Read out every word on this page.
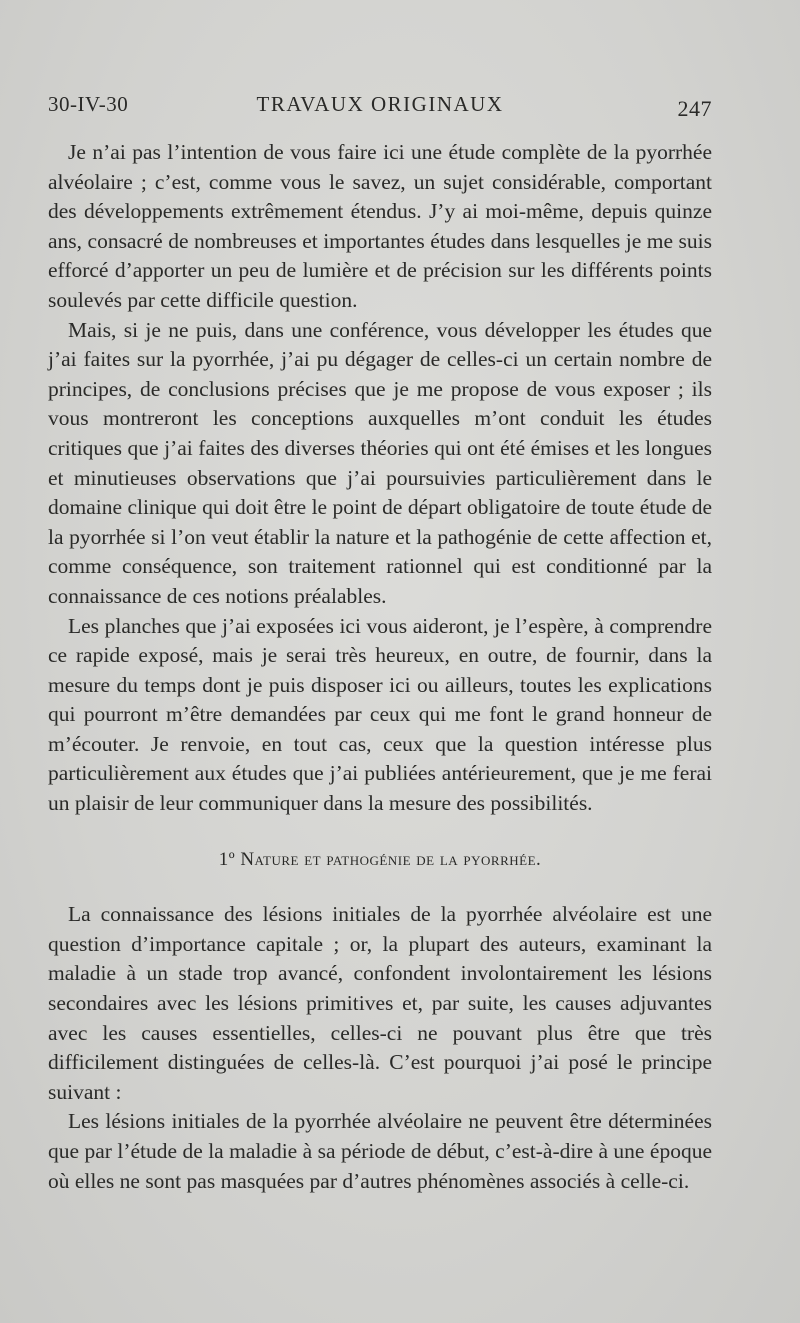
30-IV-30	TRAVAUX ORIGINAUX	247

Je n’ai pas l’intention de vous faire ici une étude complète de la pyorrhée alvéolaire ; c’est, comme vous le savez, un sujet considérable, comportant des développements extrêmement étendus. J’y ai moi-même, depuis quinze ans, consacré de nombreuses et importantes études dans lesquelles je me suis efforcé d’apporter un peu de lumière et de précision sur les différents points soulevés par cette difficile question.

Mais, si je ne puis, dans une conférence, vous développer les études que j’ai faites sur la pyorrhée, j’ai pu dégager de celles-ci un certain nombre de principes, de conclusions précises que je me propose de vous exposer ; ils vous montreront les conceptions auxquelles m’ont conduit les études critiques que j’ai faites des diverses théories qui ont été émises et les longues et minutieuses observations que j’ai poursuivies particulièrement dans le domaine clinique qui doit être le point de départ obligatoire de toute étude de la pyorrhée si l’on veut établir la nature et la pathogénie de cette affection et, comme conséquence, son traitement rationnel qui est conditionné par la connaissance de ces notions préalables.

Les planches que j’ai exposées ici vous aideront, je l’espère, à comprendre ce rapide exposé, mais je serai très heureux, en outre, de fournir, dans la mesure du temps dont je puis disposer ici ou ailleurs, toutes les explications qui pourront m’être demandées par ceux qui me font le grand honneur de m’écouter. Je renvoie, en tout cas, ceux que la question intéresse plus particulièrement aux études que j’ai publiées antérieurement, que je me ferai un plaisir de leur communiquer dans la mesure des possibilités.

1º Nature et pathogénie de la pyorrhée.

La connaissance des lésions initiales de la pyorrhée alvéolaire est une question d’importance capitale ; or, la plupart des auteurs, examinant la maladie à un stade trop avancé, confondent involontairement les lésions secondaires avec les lésions primitives et, par suite, les causes adjuvantes avec les causes essentielles, celles-ci ne pouvant plus être que très difficilement distinguées de celles-là. C’est pourquoi j’ai posé le principe suivant :

Les lésions initiales de la pyorrhée alvéolaire ne peuvent être déterminées que par l’étude de la maladie à sa période de début, c’est-à-dire à une époque où elles ne sont pas masquées par d’autres phénomènes associés à celle-ci.
